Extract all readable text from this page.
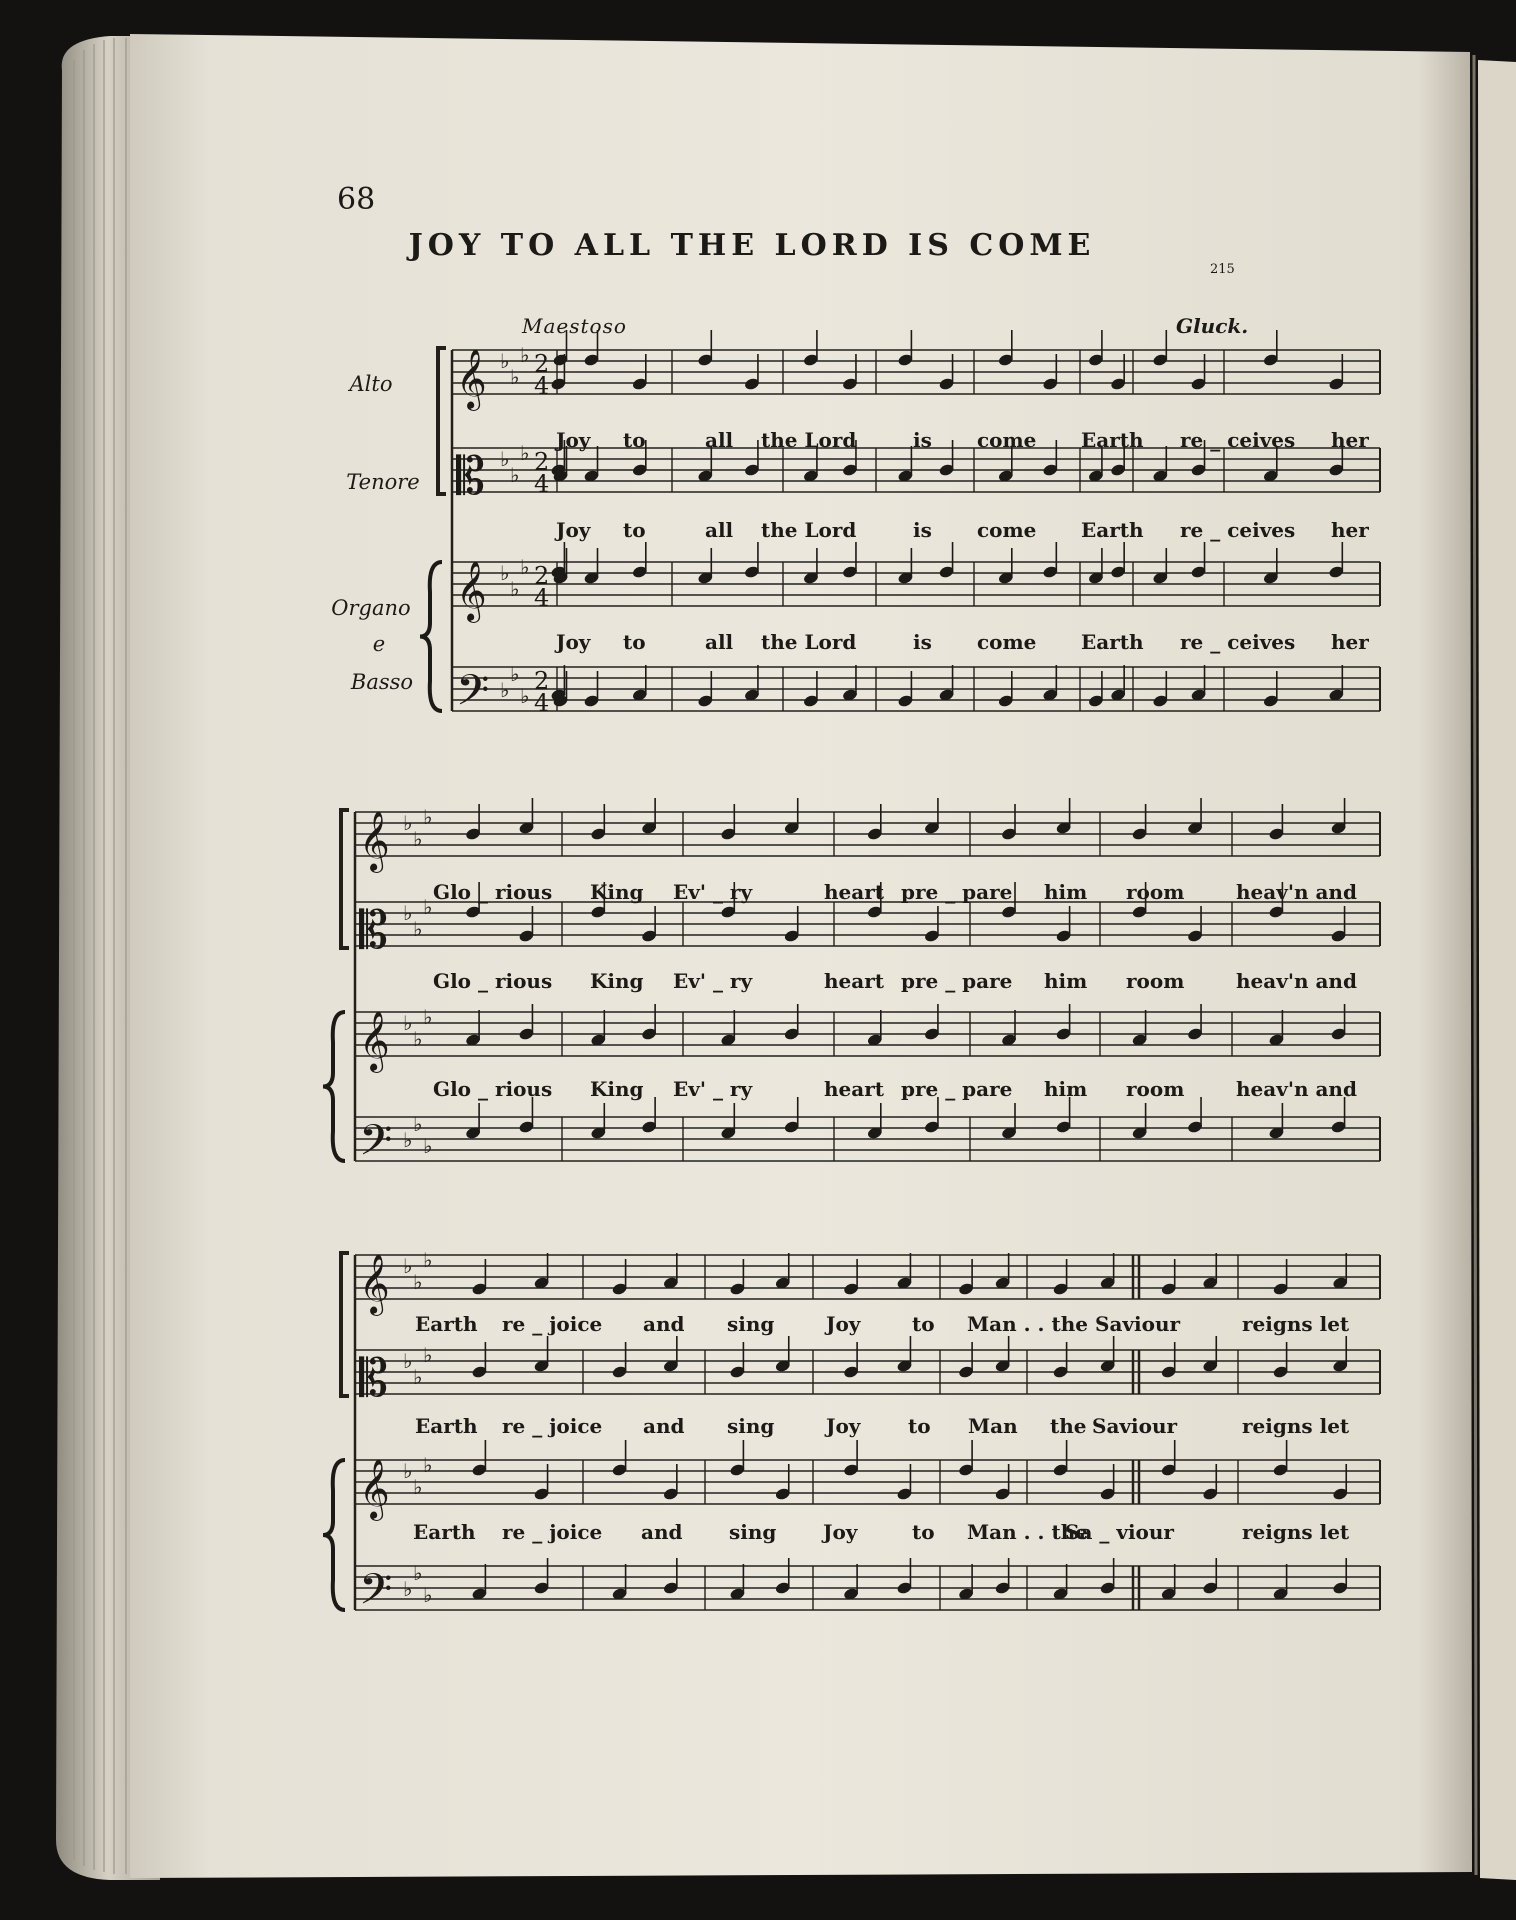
𝄞 ♭
♭
♭ 2
4
𝄡 ♭
♭
♭ 2
4
𝄞 ♭
♭
♭ 2
4
𝄢 ♭
♭
♭
2
4
𝄞 ♭
♭
♭
𝄡 ♭
♭
♭
𝄞 ♭
♭
♭
𝄢 ♭
♭
♭
𝄞 ♭
♭
♭
𝄡 ♭
♭
♭
𝄞 ♭
♭
♭
𝄢 ♭
♭
♭
68
JOY TO ALL THE LORD IS COME
Maestoso	Gluck.
215
Alto
Tenore
Organo
e
Basso
Joy to	all the Lord	is come Earth re _ ceives her
Joy to	all the Lord	is come Earth re _ ceives her
Joy to	all the Lord	is come Earth re _ ceives her
Glo _ rious King Ev' _ ry	heart pre _ pare him room	heav'n and
Glo _ rious King Ev' _ ry	heart pre _ pare him room	heav'n and
Glo _ rious King Ev' _ ry	heart pre _ pare him room	heav'n and
Earth re _ joice and sing	Joy	to Man . . the Saviour	reigns let
Earth re _ joice and sing	Joy to Man the Saviour	reigns let
Earth re _ joice and sing Joy	to Man . . the
Sa _ viour	reigns let
